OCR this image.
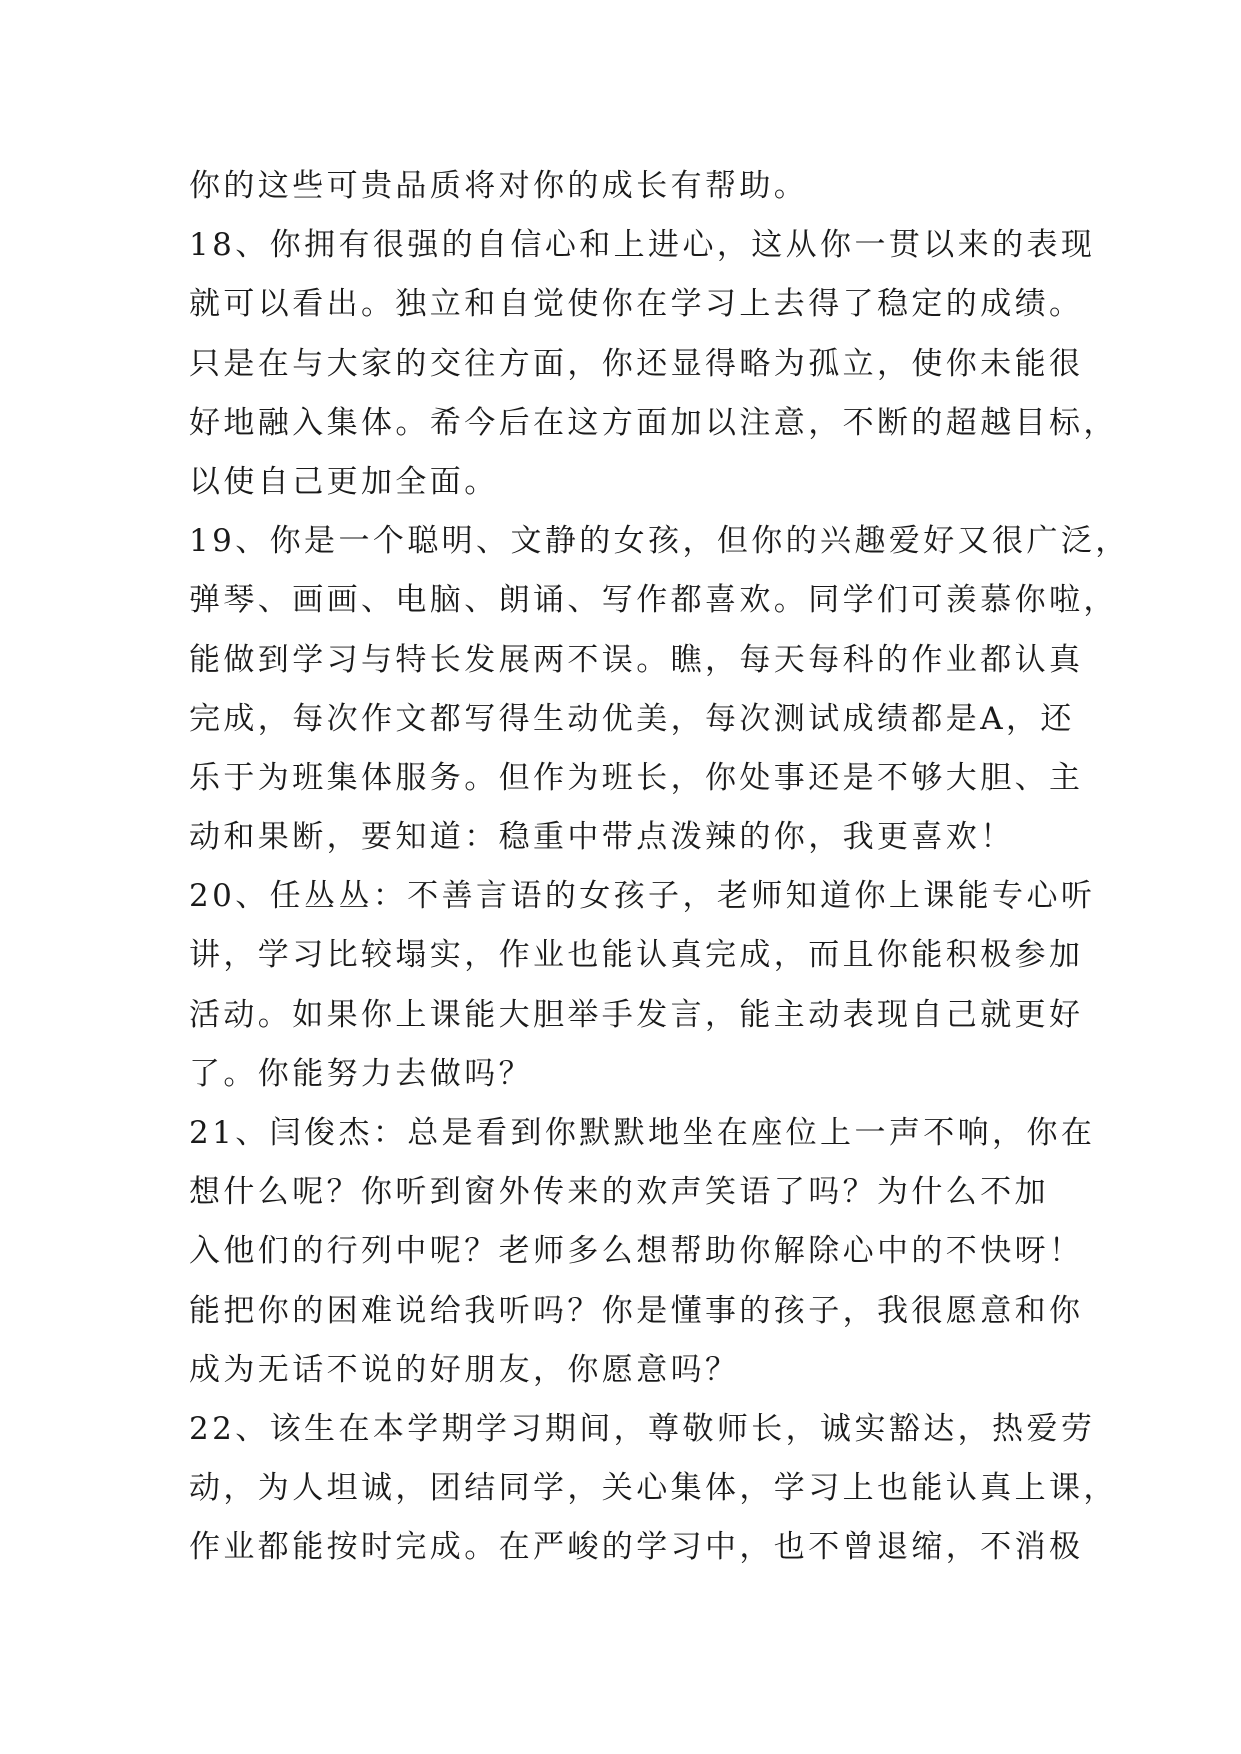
你的这些可贵品质将对你的成长有帮助。
18、你拥有很强的自信心和上进心，这从你一贯以来的表现
就可以看出。独立和自觉使你在学习上去得了稳定的成绩。
只是在与大家的交往方面，你还显得略为孤立，使你未能很
好地融入集体。希今后在这方面加以注意，不断的超越目标，
以使自己更加全面。
19、你是一个聪明、文静的女孩，但你的兴趣爱好又很广泛，
弹琴、画画、电脑、朗诵、写作都喜欢。同学们可羡慕你啦，
能做到学习与特长发展两不误。瞧，每天每科的作业都认真
完成，每次作文都写得生动优美，每次测试成绩都是A，还
乐于为班集体服务。但作为班长，你处事还是不够大胆、主
动和果断，要知道：稳重中带点泼辣的你，我更喜欢！
20、任丛丛：不善言语的女孩子，老师知道你上课能专心听
讲，学习比较塌实，作业也能认真完成，而且你能积极参加
活动。如果你上课能大胆举手发言，能主动表现自己就更好
了。你能努力去做吗？
21、闫俊杰：总是看到你默默地坐在座位上一声不响，你在
想什么呢？你听到窗外传来的欢声笑语了吗？为什么不加
入他们的行列中呢？老师多么想帮助你解除心中的不快呀！
能把你的困难说给我听吗？你是懂事的孩子，我很愿意和你
成为无话不说的好朋友，你愿意吗？
22、该生在本学期学习期间，尊敬师长，诚实豁达，热爱劳
动，为人坦诚，团结同学，关心集体，学习上也能认真上课，
作业都能按时完成。在严峻的学习中，也不曾退缩，不消极
